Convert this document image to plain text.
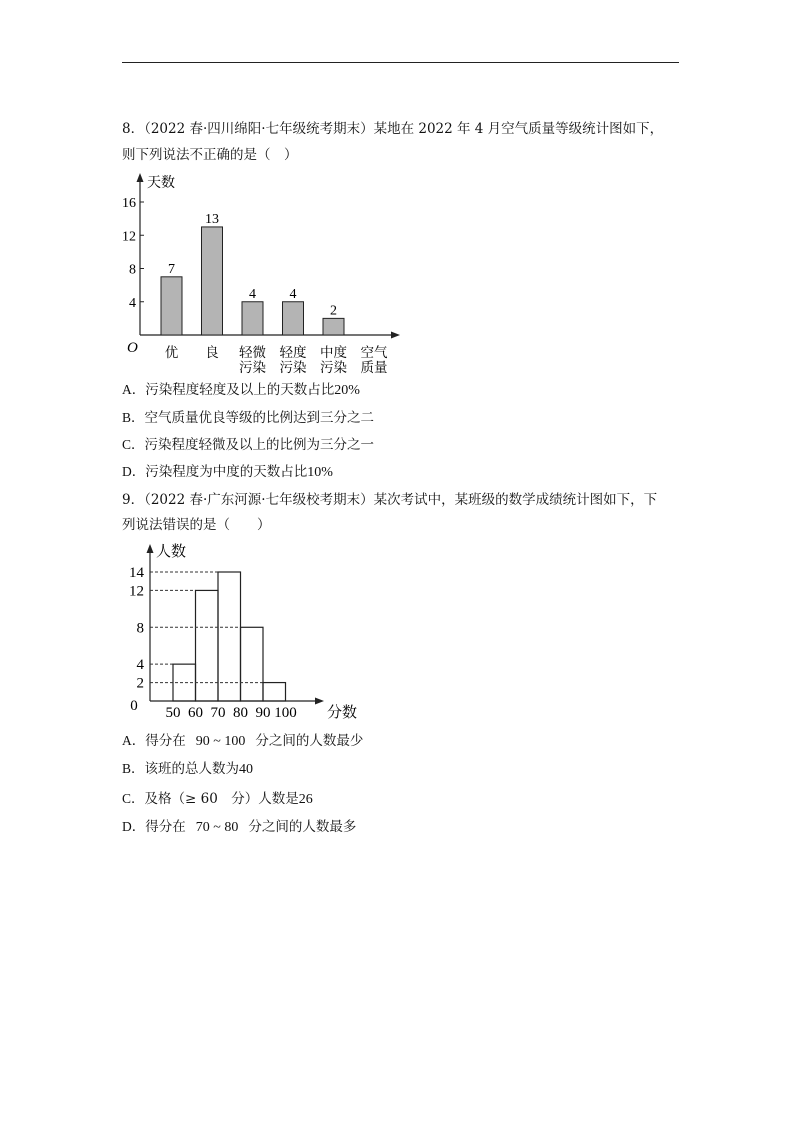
8．（2022 春·四川绵阳·七年级统考期末）某地在 2022 年 4 月空气质量等级统计图如下，
则下列说法不正确的是（　）
天数
O
4
8
12
16
7
优
13
良
4
轻微
污染
4
轻度
污染
2
中度
污染
空气
质量
A．污染程度轻度及以上的天数占比20%
B．空气质量优良等级的比例达到三分之二
C．污染程度轻微及以上的比例为三分之一
D．污染程度为中度的天数占比10%
9．（2022 春·广东河源·七年级校考期末）某次考试中，某班级的数学成绩统计图如下，下
列说法错误的是（　　）
人数
分数
0
2
4
8
12
14
50 60 70 80 90 100
A．得分在 90 ~ 100 分之间的人数最少
B．该班的总人数为40
C．及格（≥ 60　分）人数是26
D．得分在 70 ~ 80 分之间的人数最多
